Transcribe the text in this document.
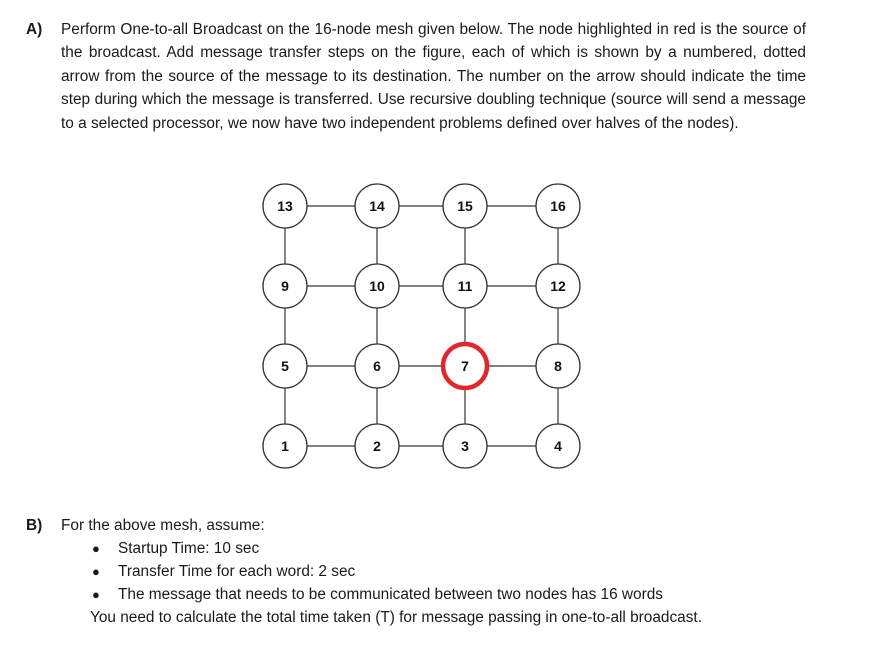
A) Perform One-to-all Broadcast on the 16-node mesh given below. The node highlighted in red is the source of the broadcast. Add message transfer steps on the figure, each of which is shown by a numbered, dotted arrow from the source of the message to its destination. The number on the arrow should indicate the time step during which the message is transferred. Use recursive doubling technique (source will send a message to a selected processor, we now have two independent problems defined over halves of the nodes).
13	14	15	16
9	10	11	12
5	6	7	8
1	2	3	4
B) For the above mesh, assume:
● Startup Time: 10 sec
● Transfer Time for each word: 2 sec
● The message that needs to be communicated between two nodes has 16 words
You need to calculate the total time taken (T) for message passing in one-to-all broadcast.
